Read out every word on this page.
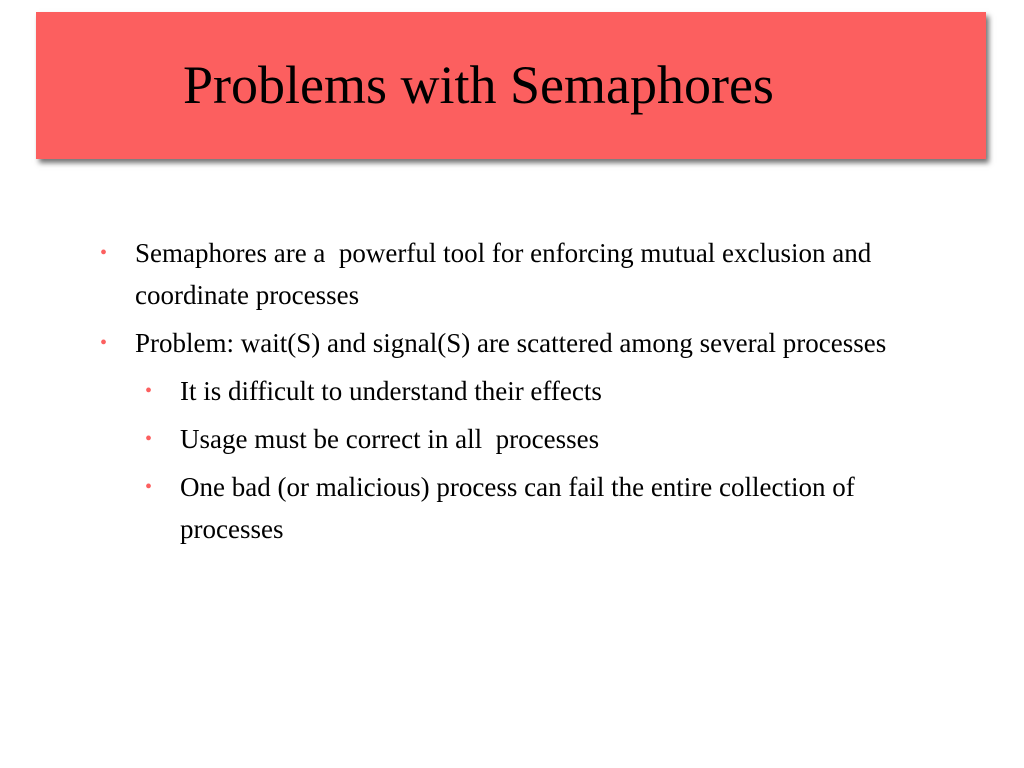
Problems with Semaphores
• Semaphores are a  powerful tool for enforcing mutual exclusion and coordinate processes
• Problem: wait(S) and signal(S) are scattered among several processes
• It is difficult to understand their effects
• Usage must be correct in all  processes
• One bad (or malicious) process can fail the entire collection of processes
